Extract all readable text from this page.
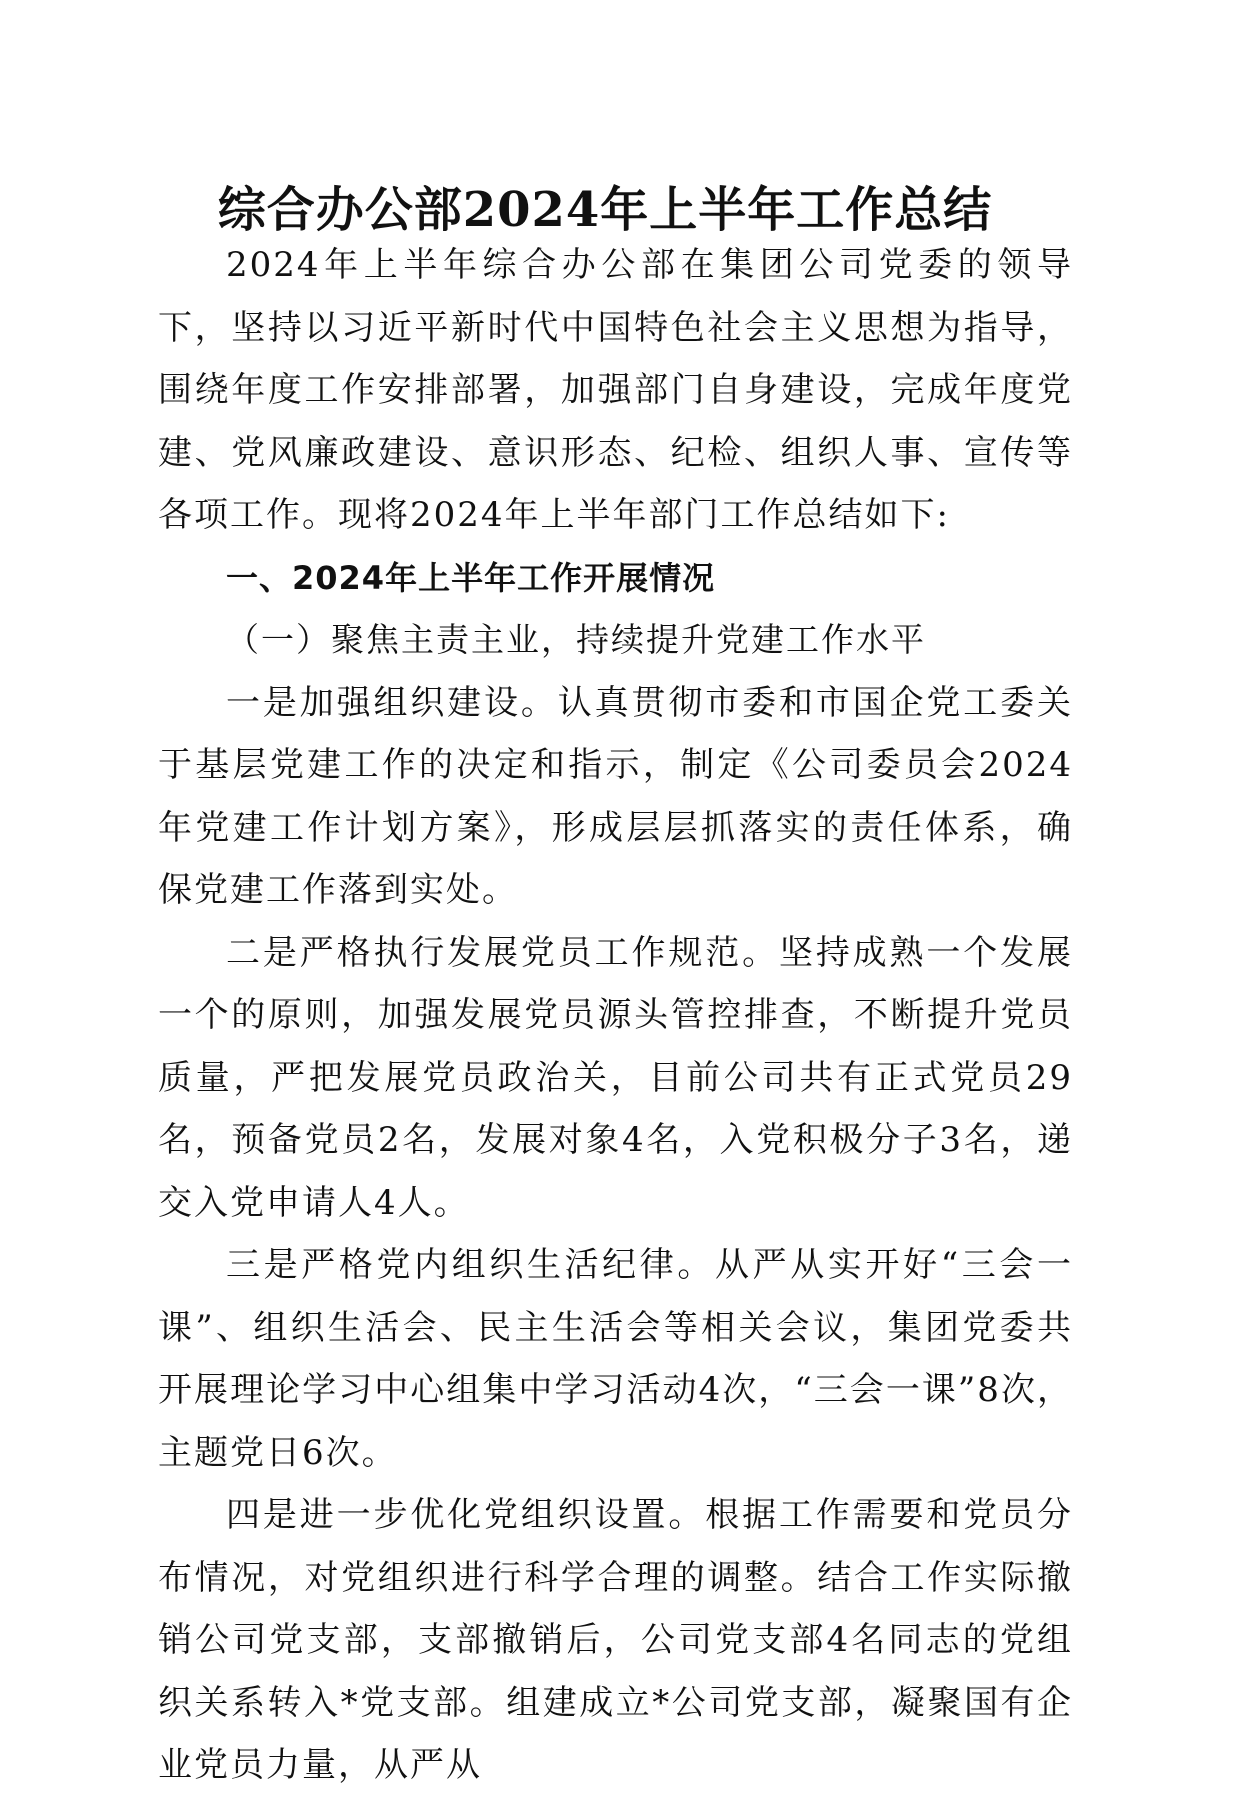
综合办公部2024年上半年工作总结

2024年上半年综合办公部在集团公司党委的领导下，坚持以习近平新时代中国特色社会主义思想为指导，围绕年度工作安排部署，加强部门自身建设，完成年度党建、党风廉政建设、意识形态、纪检、组织人事、宣传等各项工作。现将2024年上半年部门工作总结如下:

一、2024年上半年工作开展情况

（一）聚焦主责主业，持续提升党建工作水平

一是加强组织建设。认真贯彻市委和市国企党工委关于基层党建工作的决定和指示，制定《公司委员会2024年党建工作计划方案》，形成层层抓落实的责任体系，确保党建工作落到实处。

二是严格执行发展党员工作规范。坚持成熟一个发展一个的原则，加强发展党员源头管控排查，不断提升党员质量，严把发展党员政治关，目前公司共有正式党员29名，预备党员2名，发展对象4名，入党积极分子3名，递交入党申请人4人。

三是严格党内组织生活纪律。从严从实开好“三会一课”、组织生活会、民主生活会等相关会议，集团党委共开展理论学习中心组集中学习活动4次，“三会一课”8次，主题党日6次。

四是进一步优化党组织设置。根据工作需要和党员分布情况，对党组织进行科学合理的调整。结合工作实际撤销公司党支部，支部撤销后，公司党支部4名同志的党组织关系转入*党支部。组建成立*公司党支部，凝聚国有企业党员力量，从严从
